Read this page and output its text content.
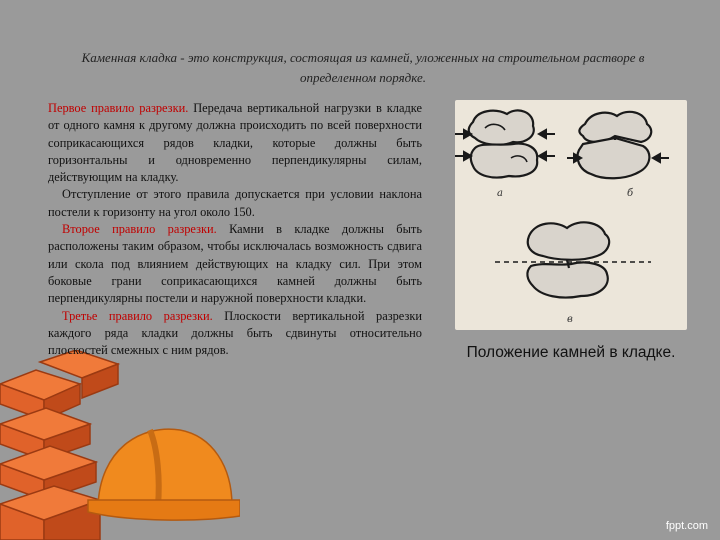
Каменная кладка - это конструкция, состоящая из камней, уложенных на строительном растворе в определенном порядке.

Первое правило разрезки. Передача вертикальной нагрузки в кладке от одного камня к другому должна происходить по всей поверхности соприкасающихся рядов кладки, которые должны быть горизонтальны и одновременно перпендикулярны силам, действующим на кладку.

Отступление от этого правила допускается при условии наклона постели к горизонту на угол около 150.

Второе правило разрезки. Камни в кладке должны быть расположены таким образом, чтобы исключалась возможность сдвига или скола под влиянием действующих на кладку сил. При этом боковые грани соприкасающихся камней должны быть перпендикулярны постели и наружной поверхности кладки.

Третье правило разрезки. Плоскости вертикальной разрезки каждого ряда кладки должны быть сдвинуты относительно плоскостей смежных с ним рядов.

а	б
в
Положение камней в кладке.
fppt.com
